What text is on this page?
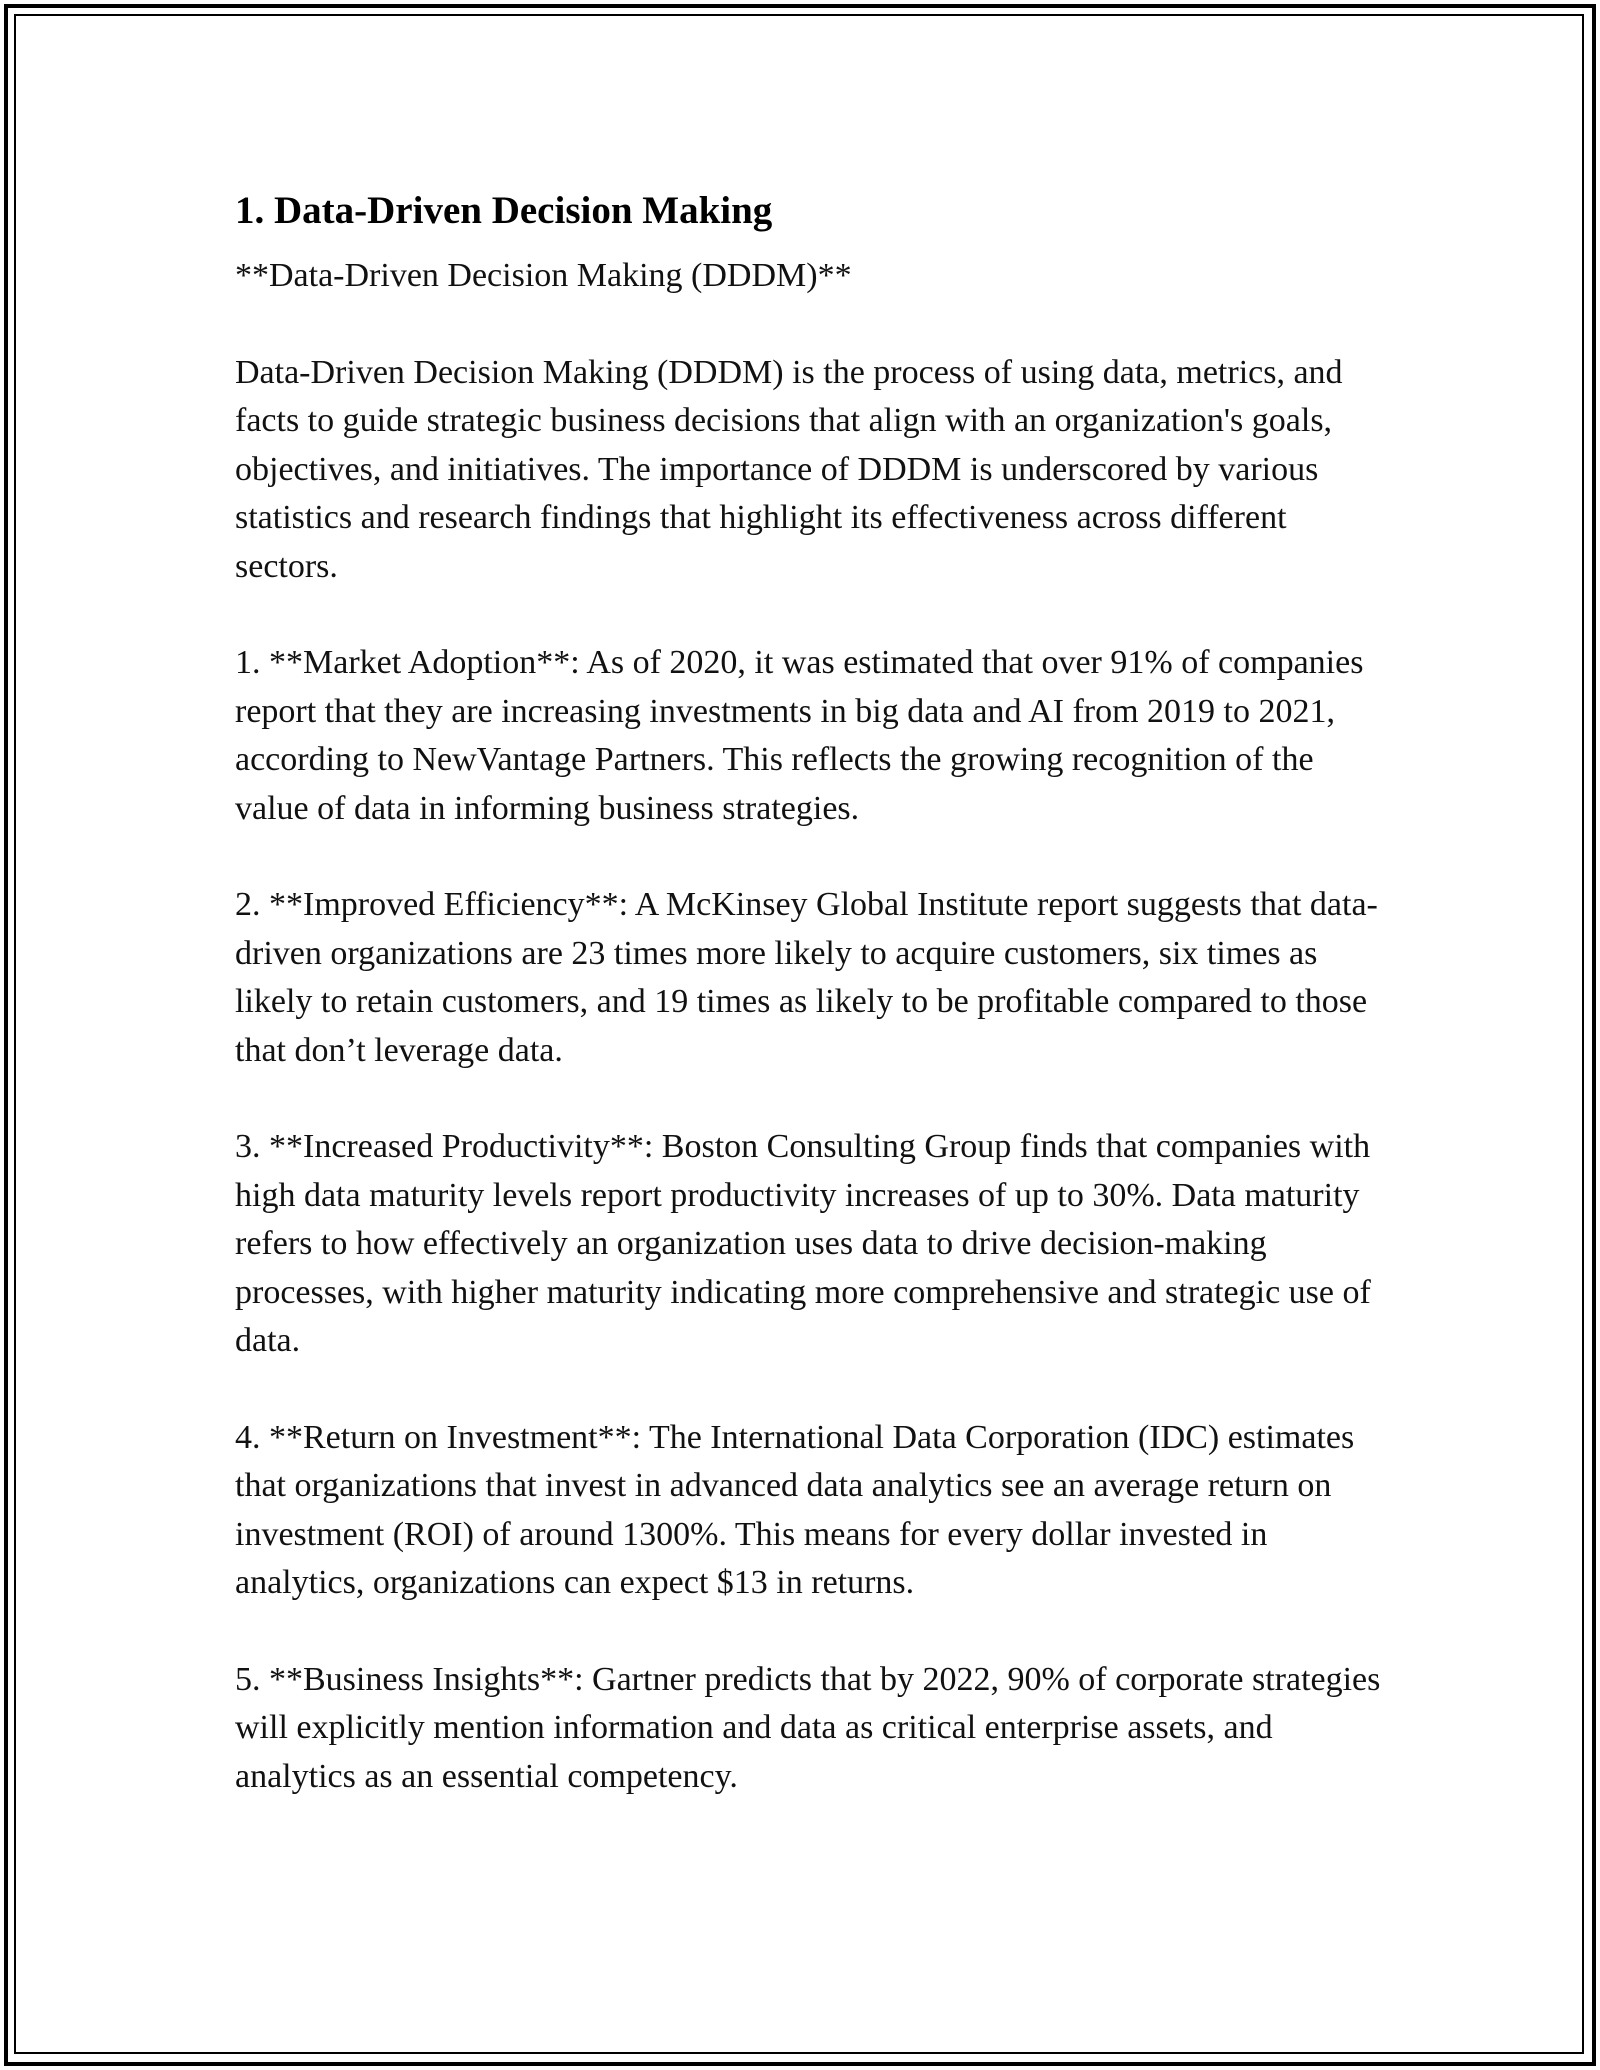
1. Data-Driven Decision Making

**Data-Driven Decision Making (DDDM)**

Data-Driven Decision Making (DDDM) is the process of using data, metrics, and facts to guide strategic business decisions that align with an organization's goals, objectives, and initiatives. The importance of DDDM is underscored by various statistics and research findings that highlight its effectiveness across different sectors.

1. **Market Adoption**: As of 2020, it was estimated that over 91% of companies report that they are increasing investments in big data and AI from 2019 to 2021, according to NewVantage Partners. This reflects the growing recognition of the value of data in informing business strategies.

2. **Improved Efficiency**: A McKinsey Global Institute report suggests that data-driven organizations are 23 times more likely to acquire customers, six times as likely to retain customers, and 19 times as likely to be profitable compared to those that don’t leverage data.

3. **Increased Productivity**: Boston Consulting Group finds that companies with high data maturity levels report productivity increases of up to 30%. Data maturity refers to how effectively an organization uses data to drive decision-making processes, with higher maturity indicating more comprehensive and strategic use of data.

4. **Return on Investment**: The International Data Corporation (IDC) estimates that organizations that invest in advanced data analytics see an average return on investment (ROI) of around 1300%. This means for every dollar invested in analytics, organizations can expect $13 in returns.

5. **Business Insights**: Gartner predicts that by 2022, 90% of corporate strategies will explicitly mention information and data as critical enterprise assets, and analytics as an essential competency.
